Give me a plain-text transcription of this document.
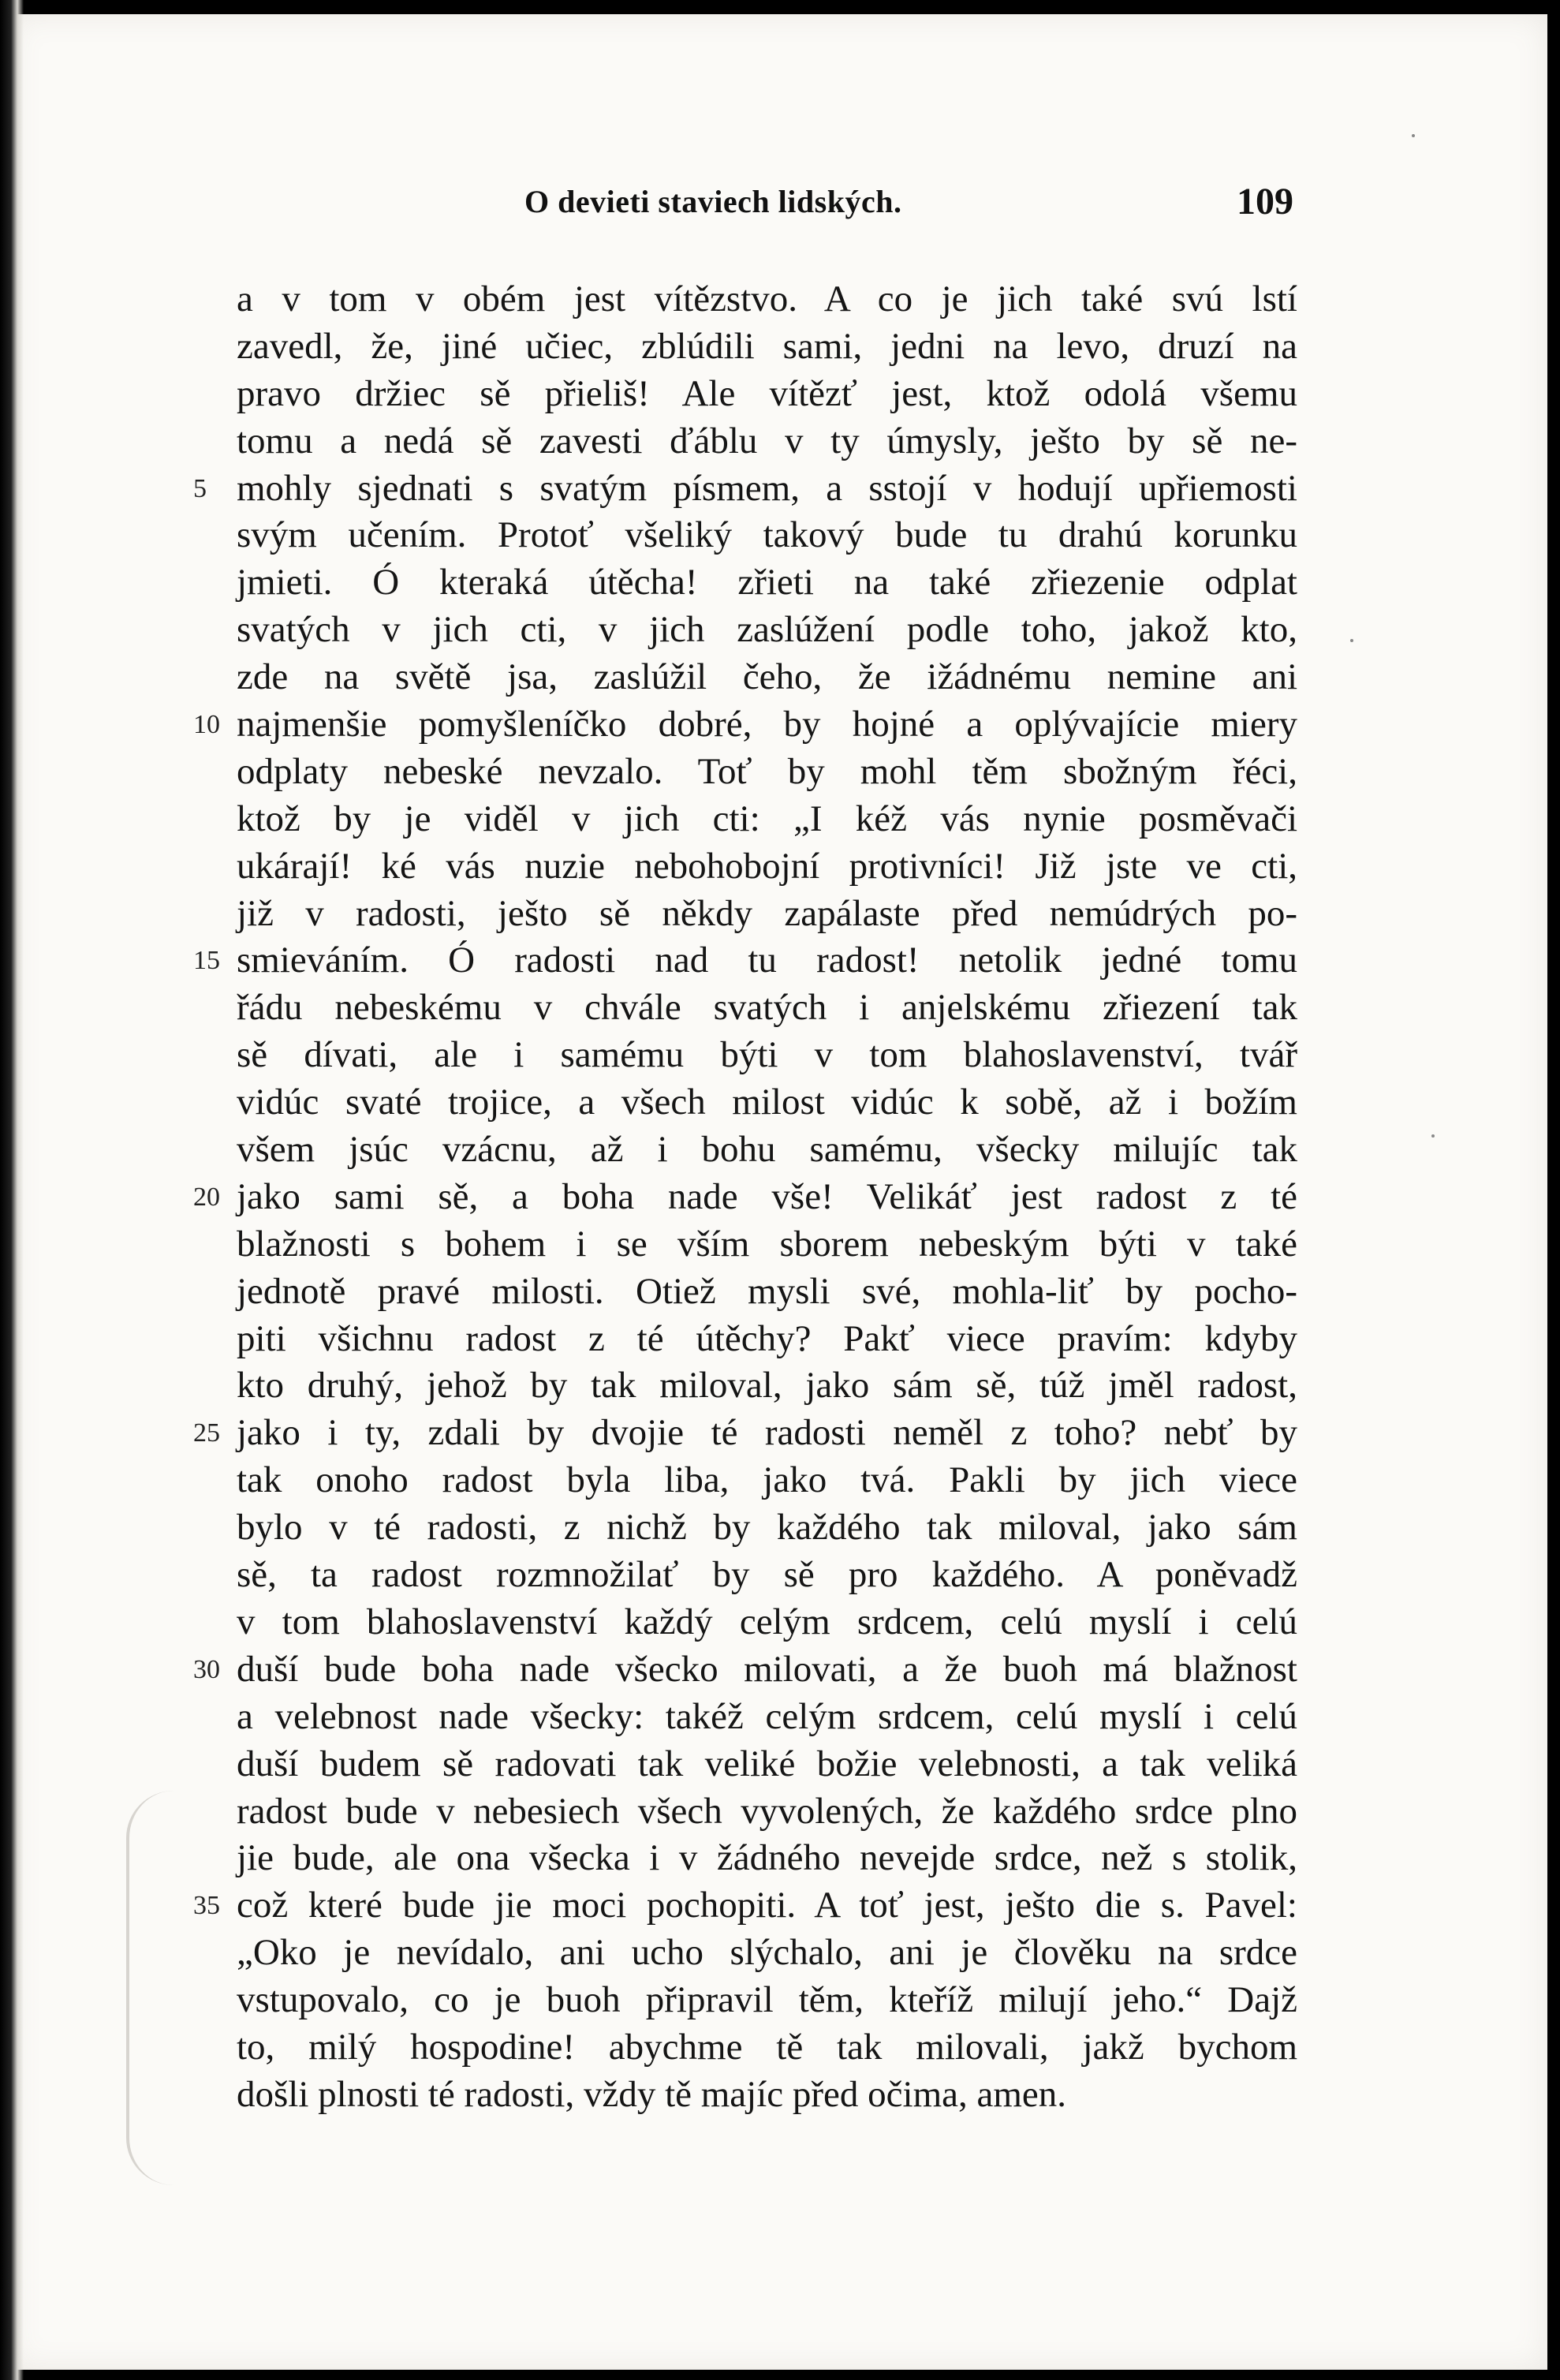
O devieti staviech lidských.	109
a v tom v obém jest vítězstvo. A co je jich také svú lstí
zavedl, že, jiné učiec, zblúdili sami, jedni na levo, druzí na
pravo držiec sě přieliš! Ale vítězť jest, ktož odolá všemu
tomu a nedá sě zavesti ďáblu v ty úmysly, ješto by sě ne-
5 mohly sjednati s svatým písmem, a sstojí v hodují upřiemosti
svým učením. Protoť všeliký takový bude tu drahú korunku
jmieti. Ó kteraká útěcha! zřieti na také zřiezenie odplat
svatých v jich cti, v jich zaslúžení podle toho, jakož kto,
zde na světě jsa, zaslúžil čeho, že ižádnému nemine ani
10 najmenšie pomyšleníčko dobré, by hojné a oplývajície miery
odplaty nebeské nevzalo. Toť by mohl těm sbožným řéci,
ktož by je viděl v jich cti: „I kéž vás nynie posměvači
ukárají! ké vás nuzie nebohobojní protivníci! Již jste ve cti,
již v radosti, ješto sě někdy zapálaste před nemúdrých po-
15 smieváním. Ó radosti nad tu radost! netolik jedné tomu
řádu nebeskému v chvále svatých i anjelskému zřiezení tak
sě dívati, ale i samému býti v tom blahoslavenství, tvář
vidúc svaté trojice, a všech milost vidúc k sobě, až i božím
všem jsúc vzácnu, až i bohu samému, všecky milujíc tak
20 jako sami sě, a boha nade vše! Velikáť jest radost z té
blažnosti s bohem i se vším sborem nebeským býti v také
jednotě pravé milosti. Otiež mysli své, mohla-liť by pocho-
piti všichnu radost z té útěchy? Pakť viece pravím: kdyby
kto druhý, jehož by tak miloval, jako sám sě, túž jměl radost,
25 jako i ty, zdali by dvojie té radosti neměl z toho? nebť by
tak onoho radost byla liba, jako tvá. Pakli by jich viece
bylo v té radosti, z nichž by každého tak miloval, jako sám
sě, ta radost rozmnožilať by sě pro každého. A poněvadž
v tom blahoslavenství každý celým srdcem, celú myslí i celú
30 duší bude boha nade všecko milovati, a že buoh má blažnost
a velebnost nade všecky: takéž celým srdcem, celú myslí i celú
duší budem sě radovati tak veliké božie velebnosti, a tak veliká
radost bude v nebesiech všech vyvolených, že každého srdce plno
jie bude, ale ona všecka i v žádného nevejde srdce, než s stolik,
35 což které bude jie moci pochopiti. A toť jest, ješto die s. Pavel:
„Oko je nevídalo, ani ucho slýchalo, ani je člověku na srdce
vstupovalo, co je buoh připravil těm, kteříž milují jeho.“ Dajž
to, milý hospodine! abychme tě tak milovali, jakž bychom
došli plnosti té radosti, vždy tě majíc před očima, amen.
